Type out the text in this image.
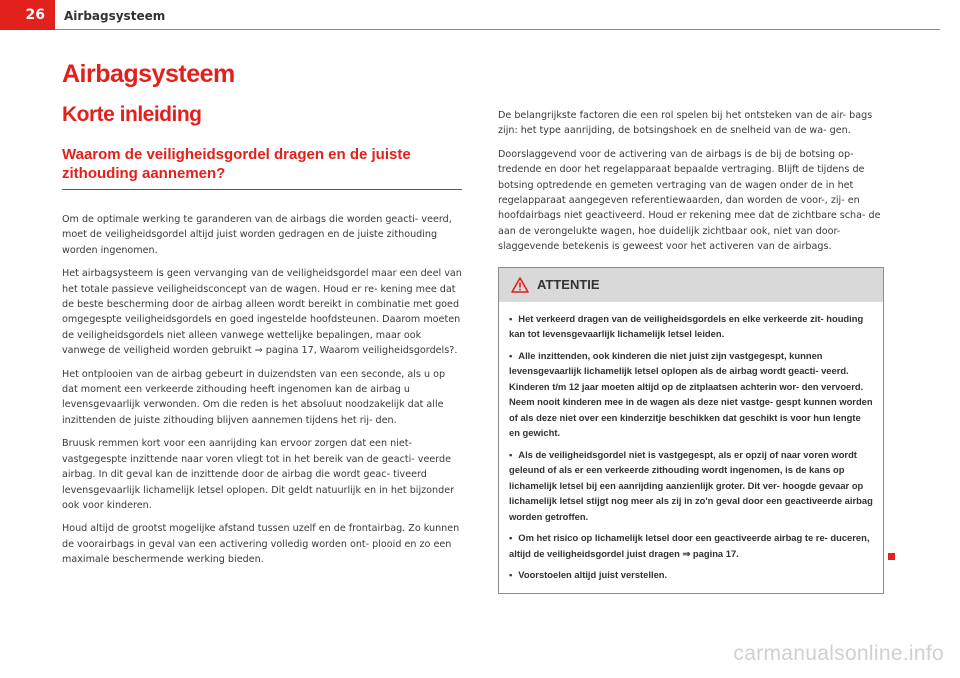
26 Airbagsysteem
Airbagsysteem
Korte inleiding
Waarom de veiligheidsgordel dragen en de juiste zithouding aannemen?

Om de optimale werking te garanderen van de airbags die worden geacti- veerd, moet de veiligheidsgordel altijd juist worden gedragen en de juiste zithouding worden ingenomen.

Het airbagsysteem is geen vervanging van de veiligheidsgordel maar een deel van het totale passieve veiligheidsconcept van de wagen. Houd er re- kening mee dat de beste bescherming door de airbag alleen wordt bereikt in combinatie met goed omgegespte veiligheidsgordels en goed ingestelde hoofdsteunen. Daarom moeten de veiligheidsgordels niet alleen vanwege wettelijke bepalingen, maar ook vanwege de veiligheid worden gebruikt ⇒ pagina 17, Waarom veiligheidsgordels?.

Het ontplooien van de airbag gebeurt in duizendsten van een seconde, als u op dat moment een verkeerde zithouding heeft ingenomen kan de airbag u levensgevaarlijk verwonden. Om die reden is het absoluut noodzakelijk dat alle inzittenden de juiste zithouding blijven aannemen tijdens het rij- den.

Bruusk remmen kort voor een aanrijding kan ervoor zorgen dat een niet- vastgegespte inzittende naar voren vliegt tot in het bereik van de geacti- veerde airbag. In dit geval kan de inzittende door de airbag die wordt geac- tiveerd levensgevaarlijk lichamelijk letsel oplopen. Dit geldt natuurlijk en in het bijzonder ook voor kinderen.

Houd altijd de grootst mogelijke afstand tussen uzelf en de frontairbag. Zo kunnen de voorairbags in geval van een activering volledig worden ont- plooid en zo een maximale beschermende werking bieden.

De belangrijkste factoren die een rol spelen bij het ontsteken van de air- bags zijn: het type aanrijding, de botsingshoek en de snelheid van de wa- gen.

Doorslaggevend voor de activering van de airbags is de bij de botsing op- tredende en door het regelapparaat bepaalde vertraging. Blijft de tijdens de botsing optredende en gemeten vertraging van de wagen onder de in het regelapparaat aangegeven referentiewaarden, dan worden de voor-, zij- en hoofdairbags niet geactiveerd. Houd er rekening mee dat de zichtbare scha- de aan de verongelukte wagen, hoe duidelijk zichtbaar ook, niet van door- slaggevende betekenis is geweest voor het activeren van de airbags.

ATTENTIE

• Het verkeerd dragen van de veiligheidsgordels en elke verkeerde zit- houding kan tot levensgevaarlijk lichamelijk letsel leiden.

• Alle inzittenden, ook kinderen die niet juist zijn vastgegespt, kunnen levensgevaarlijk lichamelijk letsel oplopen als de airbag wordt geacti- veerd. Kinderen t/m 12 jaar moeten altijd op de zitplaatsen achterin wor- den vervoerd. Neem nooit kinderen mee in de wagen als deze niet vastge- gespt kunnen worden of als deze niet over een kinderzitje beschikken dat geschikt is voor hun lengte en gewicht.

• Als de veiligheidsgordel niet is vastgegespt, als er opzij of naar voren wordt geleund of als er een verkeerde zithouding wordt ingenomen, is de kans op lichamelijk letsel bij een aanrijding aanzienlijk groter. Dit ver- hoogde gevaar op lichamelijk letsel stijgt nog meer als zij in zo'n geval door een geactiveerde airbag worden getroffen.

• Om het risico op lichamelijk letsel door een geactiveerde airbag te re- duceren, altijd de veiligheidsgordel juist dragen ⇒ pagina 17.

• Voorstoelen altijd juist verstellen.

carmanualsonline.info
